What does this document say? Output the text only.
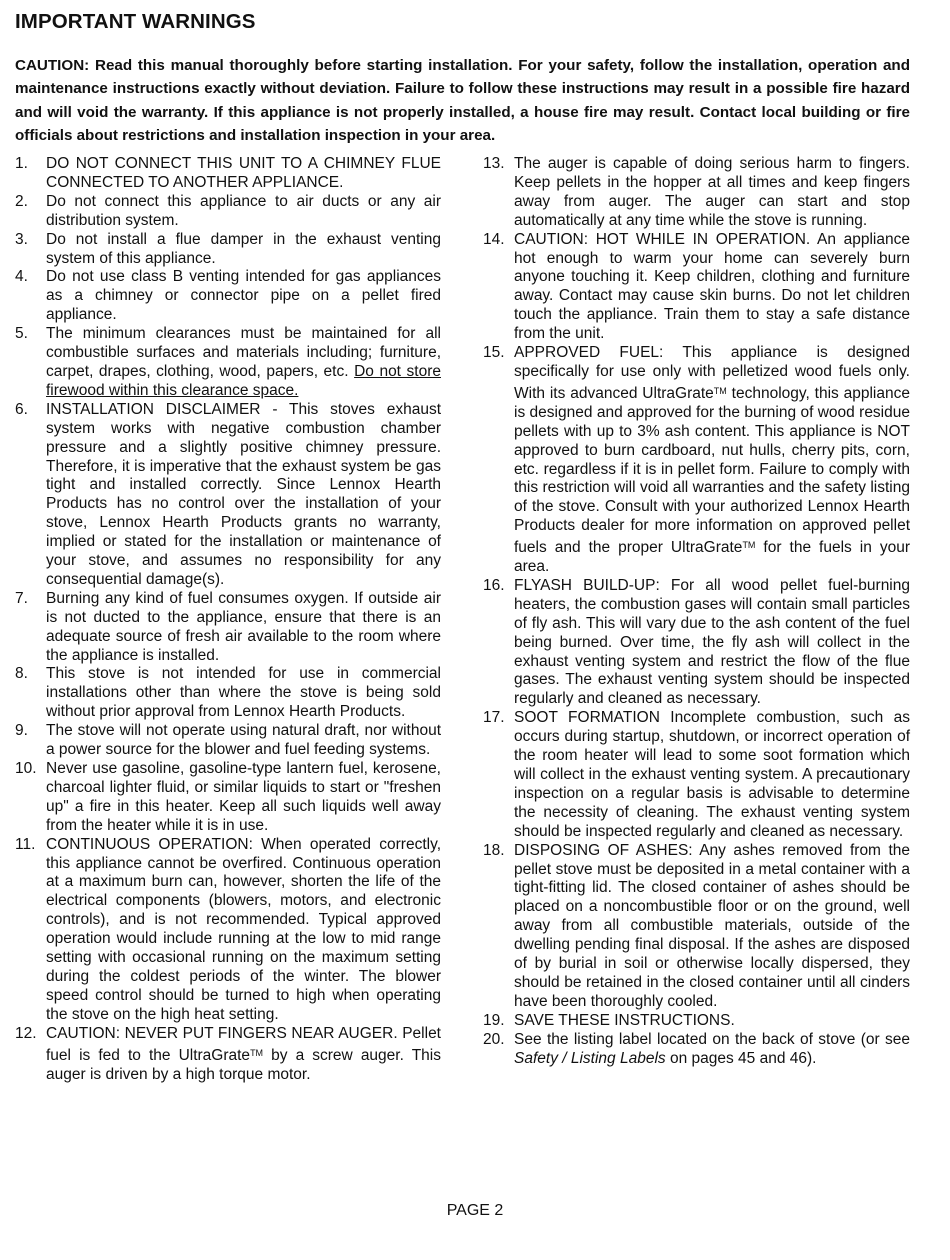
IMPORTANT WARNINGS

CAUTION: Read this manual thoroughly before starting installation. For your safety, follow the installation, operation and maintenance instructions exactly without deviation. Failure to follow these instructions may result in a possible fire hazard and will void the warranty. If this appliance is not properly installed, a house fire may result. Contact local building or fire officials about restrictions and installation inspection in your area.

1. DO NOT CONNECT THIS UNIT TO A CHIMNEY FLUE CONNECTED TO ANOTHER APPLIANCE.
2. Do not connect this appliance to air ducts or any air distribution system.
3. Do not install a flue damper in the exhaust venting system of this appliance.
4. Do not use class B venting intended for gas appliances as a chimney or connector pipe on a pellet fired appliance.
5. The minimum clearances must be maintained for all combustible surfaces and materials including; furniture, carpet, drapes, clothing, wood, papers, etc. Do not store firewood within this clearance space.
6. INSTALLATION DISCLAIMER - This stoves exhaust system works with negative combustion chamber pressure and a slightly positive chimney pressure. Therefore, it is imperative that the exhaust system be gas tight and installed correctly. Since Lennox Hearth Products has no control over the installation of your stove, Lennox Hearth Products grants no warranty, implied or stated for the installation or maintenance of your stove, and assumes no responsibility for any consequential damage(s).
7. Burning any kind of fuel consumes oxygen. If outside air is not ducted to the appliance, ensure that there is an adequate source of fresh air available to the room where the appliance is installed.
8. This stove is not intended for use in commercial installations other than where the stove is being sold without prior approval from Lennox Hearth Products.
9. The stove will not operate using natural draft, nor without a power source for the blower and fuel feeding systems.
10. Never use gasoline, gasoline-type lantern fuel, kerosene, charcoal lighter fluid, or similar liquids to start or "freshen up" a fire in this heater. Keep all such liquids well away from the heater while it is in use.
11. CONTINUOUS OPERATION: When operated correctly, this appliance cannot be overfired. Continuous operation at a maximum burn can, however, shorten the life of the electrical components (blowers, motors, and electronic controls), and is not recommended. Typical approved operation would include running at the low to mid range setting with occasional running on the maximum setting during the coldest periods of the winter. The blower speed control should be turned to high when operating the stove on the high heat setting.
12. CAUTION: NEVER PUT FINGERS NEAR AUGER. Pellet fuel is fed to the UltraGrate™ by a screw auger. This auger is driven by a high torque motor.
13. The auger is capable of doing serious harm to fingers. Keep pellets in the hopper at all times and keep fingers away from auger. The auger can start and stop automatically at any time while the stove is running.
14. CAUTION: HOT WHILE IN OPERATION. An appliance hot enough to warm your home can severely burn anyone touching it. Keep children, clothing and furniture away. Contact may cause skin burns. Do not let children touch the appliance. Train them to stay a safe distance from the unit.
15. APPROVED FUEL: This appliance is designed specifically for use only with pelletized wood fuels only. With its advanced UltraGrate™ technology, this appliance is designed and approved for the burning of wood residue pellets with up to 3% ash content. This appliance is NOT approved to burn cardboard, nut hulls, cherry pits, corn, etc. regardless if it is in pellet form. Failure to comply with this restriction will void all warranties and the safety listing of the stove. Consult with your authorized Lennox Hearth Products dealer for more information on approved pellet fuels and the proper UltraGrate™ for the fuels in your area.
16. FLYASH BUILD-UP: For all wood pellet fuel-burning heaters, the combustion gases will contain small particles of fly ash. This will vary due to the ash content of the fuel being burned. Over time, the fly ash will collect in the exhaust venting system and restrict the flow of the flue gases. The exhaust venting system should be inspected regularly and cleaned as necessary.
17. SOOT FORMATION Incomplete combustion, such as occurs during startup, shutdown, or incorrect operation of the room heater will lead to some soot formation which will collect in the exhaust venting system. A precautionary inspection on a regular basis is advisable to determine the necessity of cleaning. The exhaust venting system should be inspected regularly and cleaned as necessary.
18. DISPOSING OF ASHES: Any ashes removed from the pellet stove must be deposited in a metal container with a tight-fitting lid. The closed container of ashes should be placed on a noncombustible floor or on the ground, well away from all combustible materials, outside of the dwelling pending final disposal. If the ashes are disposed of by burial in soil or otherwise locally dispersed, they should be retained in the closed container until all cinders have been thoroughly cooled.
19. SAVE THESE INSTRUCTIONS.
20. See the listing label located on the back of stove (or see Safety / Listing Labels on pages 45 and 46).
PAGE 2
